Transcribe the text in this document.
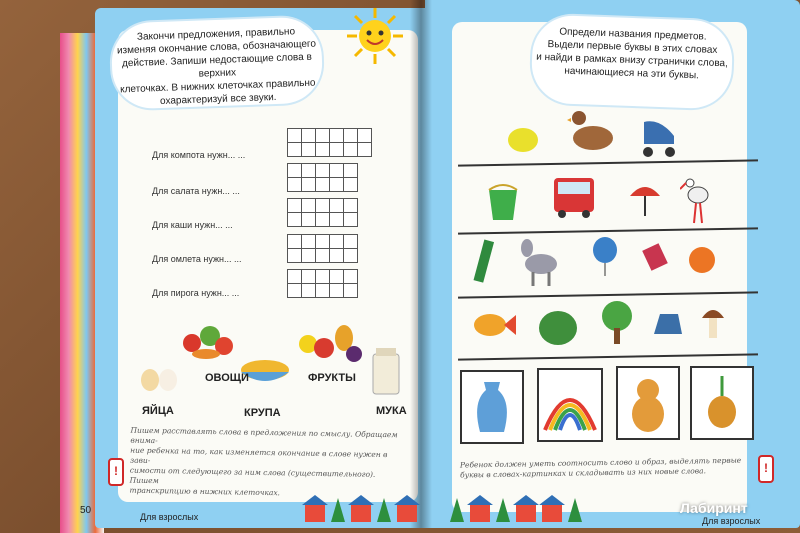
Закончи предложения, правильно

изменяя окончание слова, обозначающего

действие. Запиши недостающие слова в верхних

клеточках. В нижних клеточках правильно

охарактеризуй все звуки.

Для компота нужн... ...
Для салата нужн... ...
Для каши нужн... ...
Для омлета нужн... ...
Для пирога нужн... ...
ОВОЩИ	ФРУКТЫ
ЯЙЦА	КРУПА	МУКА
Пишем расставлять слова в предложения по смыслу. Обращаем внима-
ние ребенка на то, как изменяется окончание в слове нужен в зави-
симости от следующего за ним слова (существительного). Пишем
транскрипцию в нижних клеточках.
!
50
Для взрослых

Определи названия предметов.

Выдели первые буквы в этих словах

и найди в рамках внизу странички слова,

начинающиеся на эти буквы.

Ребенок должен уметь соотносить слово и образ, выделять первые
буквы в словах-картинках и складывать из них новые слова.	!
Для взрослых
Лабиринт
